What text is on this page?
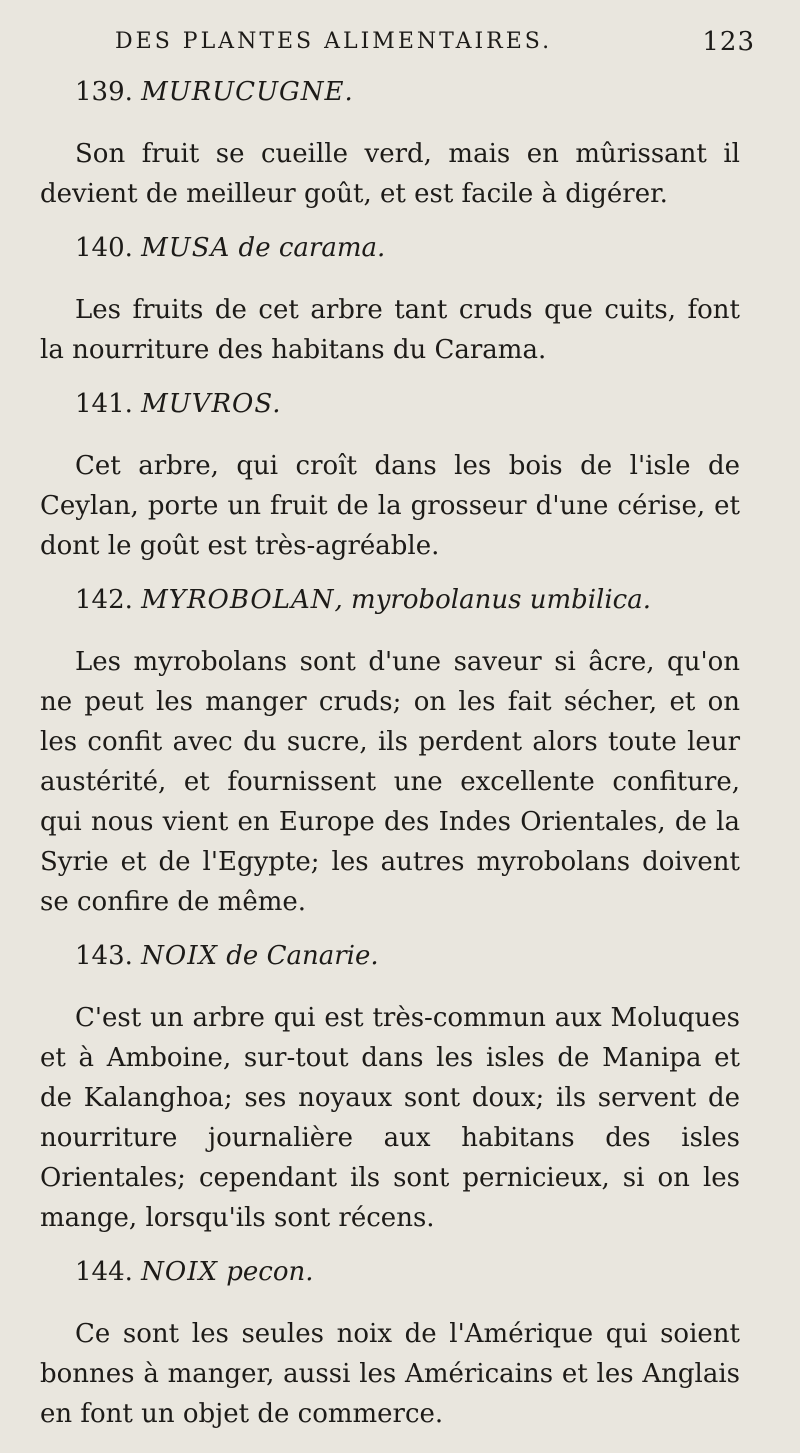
DES PLANTES ALIMENTAIRES.	123

139. MURUCUGNE.

Son fruit se cueille verd, mais en mûrissant il devient de meilleur goût, et est facile à digérer.

140. MUSA de carama.

Les fruits de cet arbre tant cruds que cuits, font la nourriture des habitans du Carama.

141. MUVROS.

Cet arbre, qui croît dans les bois de l'isle de Ceylan, porte un fruit de la grosseur d'une cérise, et dont le goût est très-agréable.

142. MYROBOLAN, myrobolanus umbilica.

Les myrobolans sont d'une saveur si âcre, qu'on ne peut les manger cruds; on les fait sécher, et on les confit avec du sucre, ils perdent alors toute leur austérité, et fournissent une excellente confiture, qui nous vient en Europe des Indes Orientales, de la Syrie et de l'Egypte; les autres myrobolans doivent se confire de même.

143. NOIX de Canarie.

C'est un arbre qui est très-commun aux Moluques et à Amboine, sur-tout dans les isles de Manipa et de Kalanghoa; ses noyaux sont doux; ils servent de nourriture journalière aux habitans des isles Orientales; cependant ils sont pernicieux, si on les mange, lorsqu'ils sont récens.

144. NOIX pecon.

Ce sont les seules noix de l'Amérique qui soient bonnes à manger, aussi les Américains et les Anglais en font un objet de commerce.
